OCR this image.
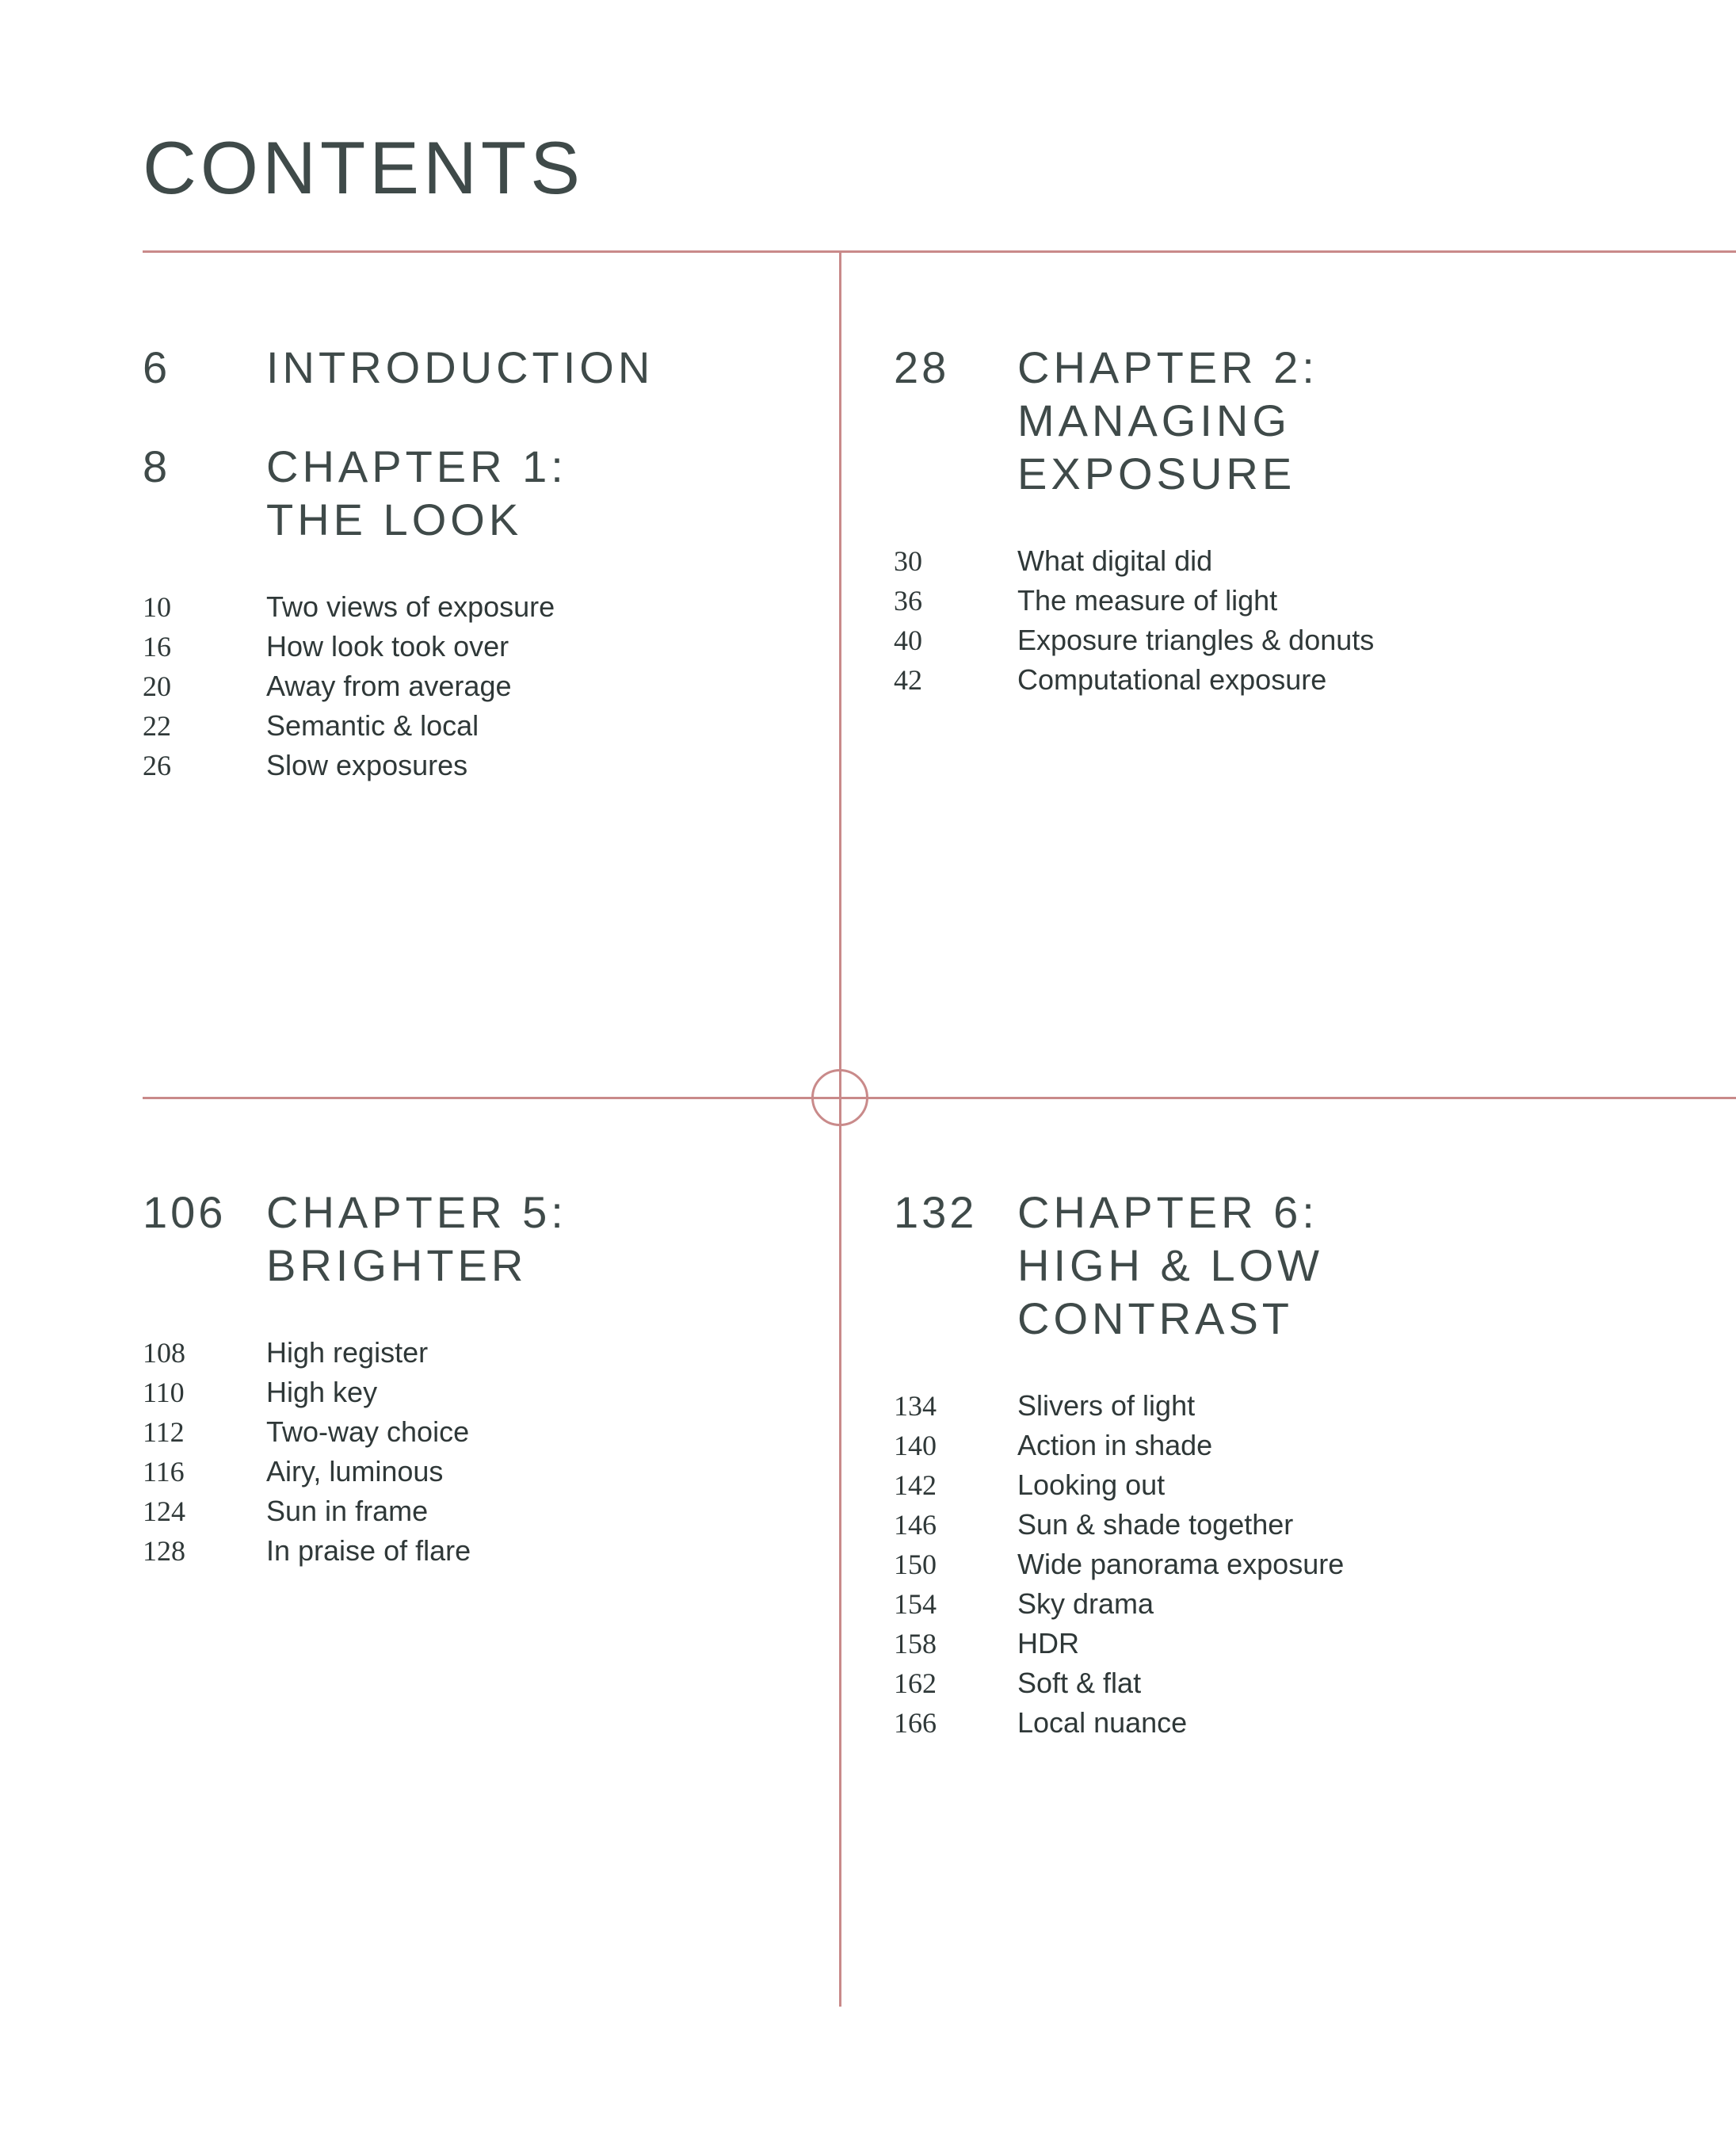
CONTENTS
6 INTRODUCTION
8 CHAPTER 1:
THE LOOK
10	Two views of exposure
16	How look took over
20	Away from average
22	Semantic & local
26	Slow exposures
28 CHAPTER 2:
MANAGING
EXPOSURE
30	What digital did
36	The measure of light
40	Exposure triangles & donuts
42	Computational exposure
106 CHAPTER 5:
BRIGHTER
108	High register
110	High key
112	Two-way choice
116	Airy, luminous
124	Sun in frame
128	In praise of flare
132 CHAPTER 6:
HIGH & LOW
CONTRAST
134	Slivers of light
140	Action in shade
142	Looking out
146	Sun & shade together
150	Wide panorama exposure
154	Sky drama
158	HDR
162	Soft & flat
166	Local nuance
